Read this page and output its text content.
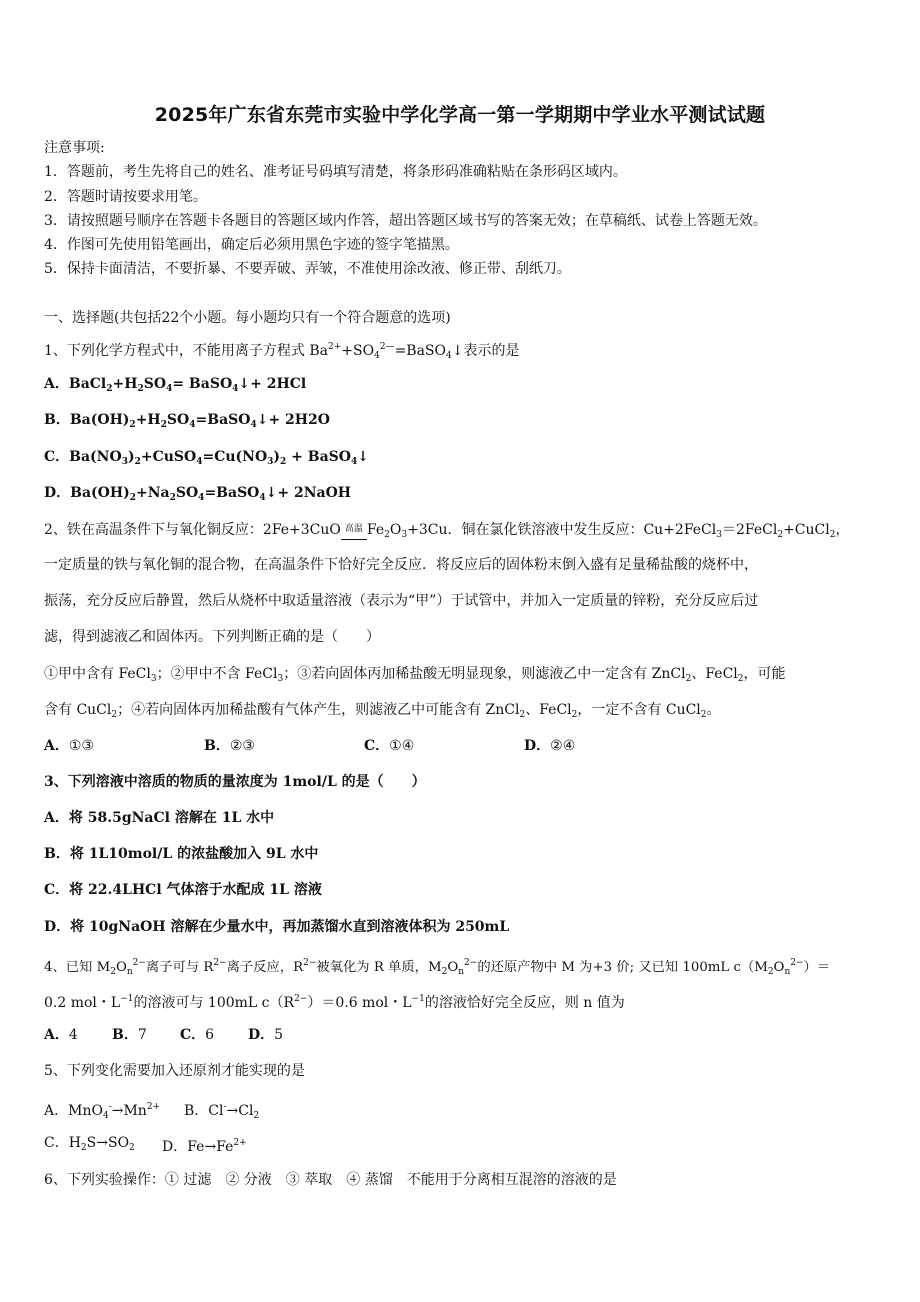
2025年广东省东莞市实验中学化学高一第一学期期中学业水平测试试题
注意事项:
1．答题前，考生先将自己的姓名、准考证号码填写清楚，将条形码准确粘贴在条形码区域内。
2．答题时请按要求用笔。
3．请按照题号顺序在答题卡各题目的答题区域内作答，超出答题区域书写的答案无效；在草稿纸、试卷上答题无效。
4．作图可先使用铅笔画出，确定后必须用黑色字迹的签字笔描黑。
5．保持卡面清洁，不要折暴、不要弄破、弄皱，不准使用涂改液、修正带、刮纸刀。
一、选择题(共包括22个小题。每小题均只有一个符合题意的选项)
1、下列化学方程式中，不能用离子方程式 $Ba^{2+}+SO_4^{2—}=BaSO_4↓$表示的是
A．$BaCl_2+H_2SO_4=$ BaSO$_4$↓+ 2HCl
B．$Ba(OH)_2+H_2SO_4=BaSO_4↓+ 2H2O$
C．$Ba(NO_3)_2+CuSO_4=Cu(NO_3)_2$ + BaSO$_4$↓
D．$Ba(OH)_2+Na_2SO_4=BaSO_4↓+$ 2NaOH
2、铁在高温条件下与氧化铜反应：2Fe+3CuO 高温 $Fe_2O_3+3Cu$．铜在氯化铁溶液中发生反应：Cu+2FeCl$_3$＝2FeCl$_2$+CuCl$_2$，
一定质量的铁与氧化铜的混合物，在高温条件下恰好完全反应．将反应后的固体粉末倒入盛有足量稀盐酸的烧杯中，
振荡，充分反应后静置，然后从烧杯中取适量溶液（表示为“甲”）于试管中，并加入一定质量的锌粉，充分反应后过
滤，得到滤液乙和固体丙。下列判断正确的是（　　）
①甲中含有 FeCl$_3$；②甲中不含 FeCl$_3$；③若向固体丙加稀盐酸无明显现象，则滤液乙中一定含有 ZnCl$_2$、FeCl$_2$，可能
含有 CuCl$_2$；④若向固体丙加稀盐酸有气体产生，则滤液乙中可能含有 ZnCl$_2$、FeCl$_2$，一定不含有 CuCl$_2$。
A．①③	B．②③	C．①④	D．②④
3、下列溶液中溶质的物质的量浓度为 1mol/L 的是（　　）
A．将 58.5gNaCl 溶解在 1L 水中
B．将 1L10mol/L 的浓盐酸加入 9L 水中
C．将 22.4LHCl 气体溶于水配成 1L 溶液
D．将 10gNaOH 溶解在少量水中，再加蒸馏水直到溶液体积为 250mL
4、已知 $M_2O_n^{2-}$离子可与 $R^{2-}$离子反应，$R^{2-}$被氧化为 R 单质，$M_2O_n^{2-}$的还原产物中 M 为+3 价; 又已知 100mL $c(M_2O_n^{2-})=$
0.2 mol・$L^{-1}$的溶液可与 100mL $c(R^{2-})=0.6$ mol・$L^{-1}$的溶液恰好完全反应，则 n 值为
A．4 B．7 C．6 D．5
5、下列变化需要加入还原剂才能实现的是
A．$MnO_4^-\to Mn^{2+}$ B．$Cl^-\to Cl_2$
C．$H_2S\to SO_2$ D．$Fe\to Fe^{2+}$
6、下列实验操作：① 过滤　② 分液　③ 萃取　④ 蒸馏　不能用于分离相互混溶的溶液的是
